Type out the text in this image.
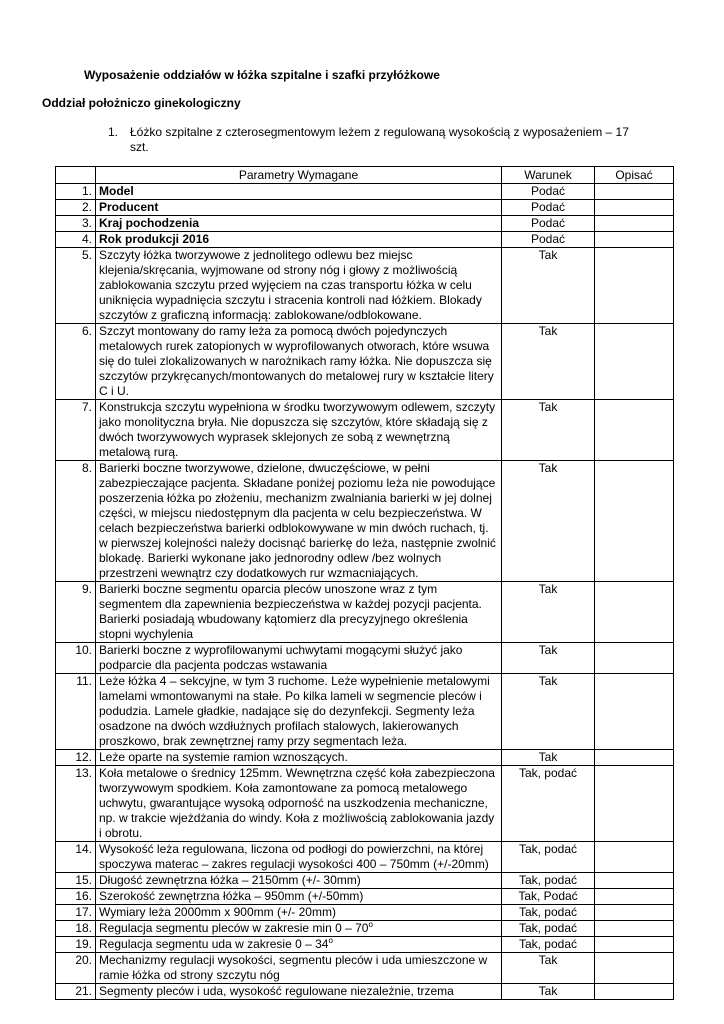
Wyposażenie oddziałów w łóżka szpitalne i szafki przyłóżkowe
Oddział położniczo ginekologiczny
1. Łóżko szpitalne z czterosegmentowym leżem z regulowaną wysokością z wyposażeniem – 17 szt.
	Parametry Wymagane	Warunek	Opisać
1.	Model	Podać	
2.	Producent	Podać	
3.	Kraj pochodzenia	Podać	
4.	Rok produkcji 2016	Podać	
5.	Szczyty łóżka tworzywowe z jednolitego odlewu bez miejsc klejenia/skręcania, wyjmowane od strony nóg i głowy z możliwością zablokowania szczytu przed wyjęciem na czas transportu łóżka w celu uniknięcia wypadnięcia szczytu i stracenia kontroli nad łóżkiem. Blokady szczytów z graficzną informacją: zablokowane/odblokowane.	Tak	
6.	Szczyt montowany do ramy leża za pomocą dwóch pojedynczych metalowych rurek zatopionych w wyprofilowanych otworach, które wsuwa się do tulei zlokalizowanych w narożnikach ramy łóżka. Nie dopuszcza się szczytów przykręcanych/montowanych do metalowej rury w kształcie litery C i U.	Tak	
7.	Konstrukcja szczytu wypełniona w środku tworzywowym odlewem, szczyty jako monolityczna bryła. Nie dopuszcza się szczytów, które składają się z dwóch tworzywowych wyprasek sklejonych ze sobą z wewnętrzną metalową rurą.	Tak	
8.	Barierki boczne tworzywowe, dzielone, dwuczęściowe, w pełni zabezpieczające pacjenta. Składane poniżej poziomu leża nie powodujące poszerzenia łóżka po złożeniu, mechanizm zwalniania barierki w jej dolnej części, w miejscu niedostępnym dla pacjenta w celu bezpieczeństwa. W celach bezpieczeństwa barierki odblokowywane w min dwóch ruchach, tj. w pierwszej kolejności należy docisnąć barierkę do leża, następnie zwolnić blokadę. Barierki wykonane jako jednorodny odlew /bez wolnych przestrzeni wewnątrz czy dodatkowych rur wzmacniających.	Tak	
9.	Barierki boczne segmentu oparcia pleców unoszone wraz z tym segmentem dla zapewnienia bezpieczeństwa w każdej pozycji pacjenta. Barierki posiadają wbudowany kątomierz dla precyzyjnego określenia stopni wychylenia	Tak	
10.	Barierki boczne z wyprofilowanymi uchwytami mogącymi służyć jako podparcie dla pacjenta podczas wstawania	Tak	
11.	Leże łóżka 4 – sekcyjne, w tym 3 ruchome. Leże wypełnienie metalowymi lamelami wmontowanymi na stałe. Po kilka lameli w segmencie pleców i podudzia. Lamele gładkie, nadające się do dezynfekcji. Segmenty leża osadzone na dwóch wzdłużnych profilach stalowych, lakierowanych proszkowo, brak zewnętrznej ramy przy segmentach leża.	Tak	
12.	Leże oparte na systemie ramion wznoszących.	Tak	
13.	Koła metalowe o średnicy 125mm. Wewnętrzna część koła zabezpieczona tworzywowym spodkiem. Koła zamontowane za pomocą metalowego uchwytu, gwarantujące wysoką odporność na uszkodzenia mechaniczne, np. w trakcie wjeżdżania do windy. Koła z możliwością zablokowania jazdy i obrotu.	Tak, podać	
14.	Wysokość leża regulowana, liczona od podłogi do powierzchni, na której spoczywa materac – zakres regulacji wysokości 400 – 750mm (+/-20mm)	Tak, podać	
15.	Długość zewnętrzna łóżka – 2150mm (+/- 30mm)	Tak, podać	
16.	Szerokość zewnętrzna łóżka – 950mm (+/-50mm)	Tak, Podać	
17.	Wymiary leża 2000mm x 900mm (+/- 20mm)	Tak, podać	
18.	Regulacja segmentu pleców w zakresie min 0 – 70$^o$	Tak, podać	
19.	Regulacja segmentu uda w zakresie 0 – 34$^o$	Tak, podać	
20.	Mechanizmy regulacji wysokości, segmentu pleców i uda umieszczone w ramie łóżka od strony szczytu nóg	Tak	
21.	Segmenty pleców i uda, wysokość regulowane niezależnie, trzema	Tak	
